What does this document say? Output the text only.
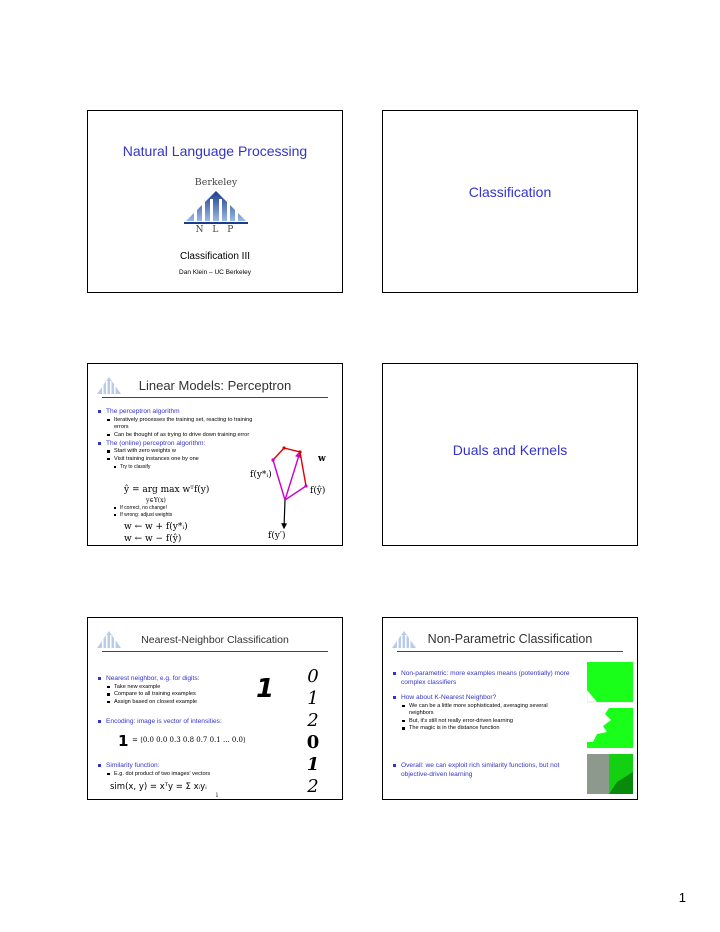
Natural Language Processing
Berkeley
N L P
Classification III
Dan Klein – UC Berkeley
Classification
Linear Models: Perceptron
The perceptron algorithm
Iteratively processes the training set, reacting to training errors
Can be thought of as trying to drive down training error
The (online) perceptron algorithm:
Start with zero weights w
Visit training instances one by one
Try to classify
ŷ = arg max wᵀf(y)
y∈Y(x)
If correct, no change!
If wrong: adjust weights
w ← w + f(y*ᵢ)
w ← w − f(ŷ)
w
f(y*ᵢ)
f(ŷ)
f(y′)
Duals and Kernels
Nearest-Neighbor Classification
Nearest neighbor, e.g. for digits:
Take new example
Compare to all training examples
Assign based on closest example
Encoding: image is vector of intensities:
1 = ⟨0.0 0.0 0.3 0.8 0.7 0.1 ... 0.0⟩
Similarity function:
E.g. dot product of two images' vectors
sim(x, y) = xᵀy = Σ xᵢyᵢ
i
1	0
1
2
0
1
2
Non-Parametric Classification
Non-parametric: more examples means (potentially) more complex classifiers
How about K-Nearest Neighbor?
We can be a little more sophisticated, averaging several neighbors
But, it's still not really error-driven learning
The magic is in the distance function
Overall: we can exploit rich similarity functions, but not objective-driven learning
1
